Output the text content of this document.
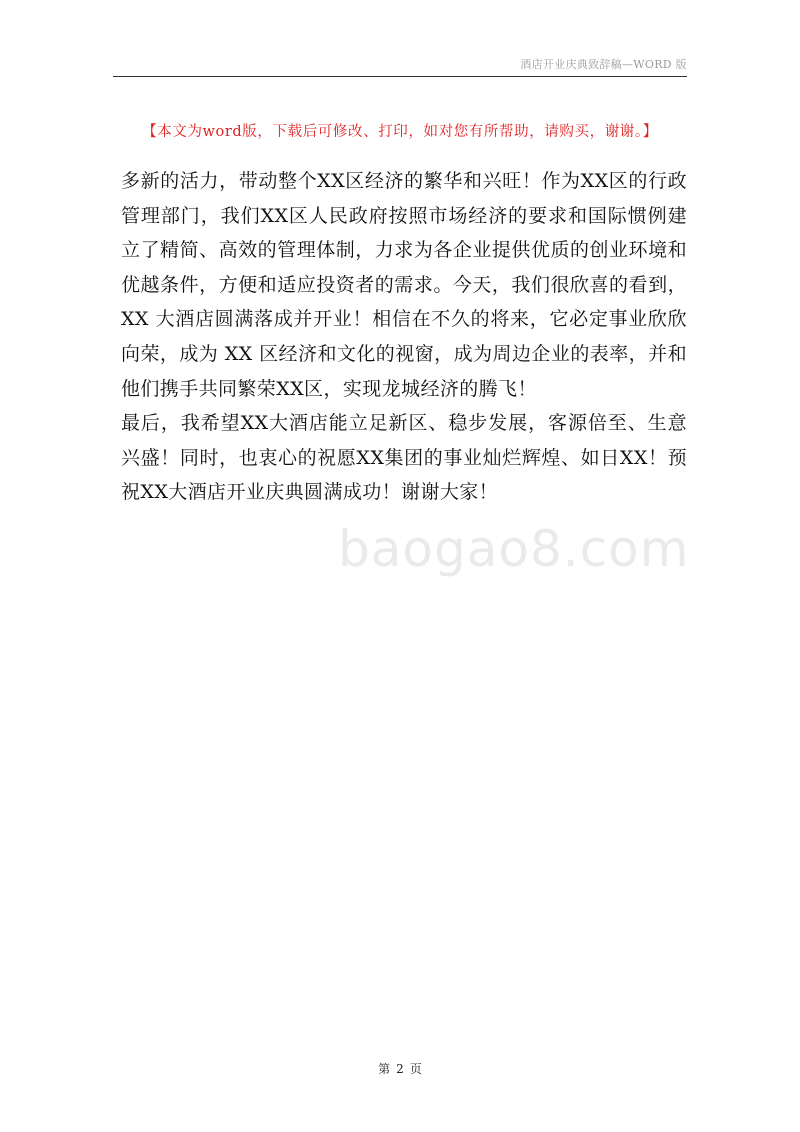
酒店开业庆典致辞稿—WORD 版
【本文为word版，下载后可修改、打印，如对您有所帮助，请购买，谢谢。】

多新的活力，带动整个XX区经济的繁华和兴旺！作为XX区的行政管理部门，我们XX区人民政府按照市场经济的要求和国际惯例建立了精简、高效的管理体制，力求为各企业提供优质的创业环境和优越条件，方便和适应投资者的需求。今天，我们很欣喜的看到，XX 大酒店圆满落成并开业！相信在不久的将来，它必定事业欣欣向荣，成为 XX 区经济和文化的视窗，成为周边企业的表率，并和他们携手共同繁荣XX区，实现龙城经济的腾飞！

最后，我希望XX大酒店能立足新区、稳步发展，客源倍至、生意兴盛！同时，也衷心的祝愿XX集团的事业灿烂辉煌、如日XX！预祝XX大酒店开业庆典圆满成功！谢谢大家！

baogao8.com
第 2 页
